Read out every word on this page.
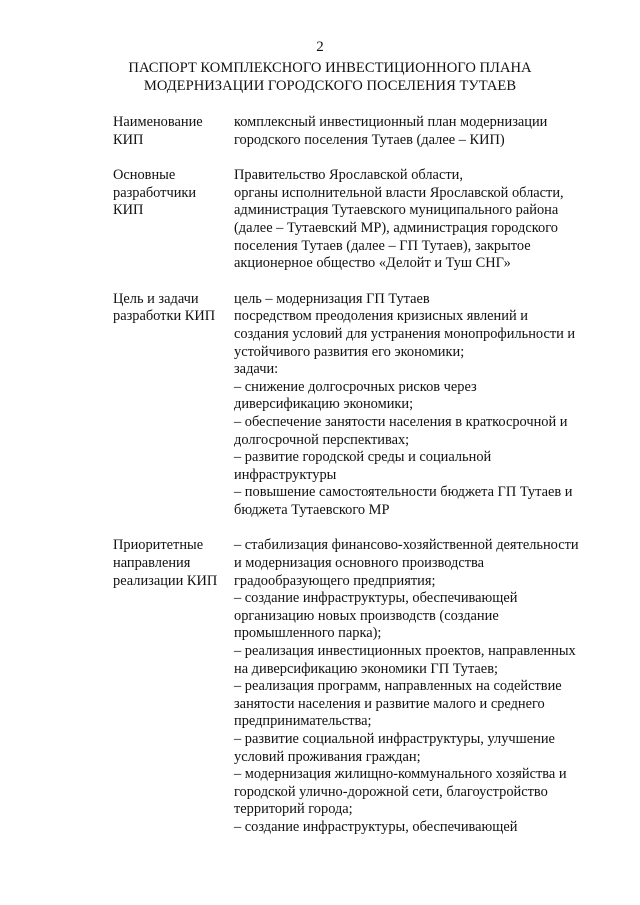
2
ПАСПОРТ КОМПЛЕКСНОГО ИНВЕСТИЦИОННОГО ПЛАНА
МОДЕРНИЗАЦИИ ГОРОДСКОГО ПОСЕЛЕНИЯ ТУТАЕВ
Наименование
КИП
комплексный инвестиционный план модернизации
городского поселения Тутаев (далее – КИП)
Основные
разработчики
КИП
Правительство Ярославской области,
органы исполнительной власти Ярославской области,
администрация Тутаевского муниципального района
(далее – Тутаевский МР), администрация городского
поселения Тутаев (далее – ГП Тутаев), закрытое
акционерное общество «Делойт и Туш СНГ»
Цель и задачи
разработки КИП
цель – модернизация ГП Тутаев
посредством преодоления кризисных явлений и
создания условий для устранения монопрофильности и
устойчивого развития его экономики;
задачи:
– снижение долгосрочных рисков через
диверсификацию экономики;
– обеспечение занятости населения в краткосрочной и
долгосрочной перспективах;
– развитие городской среды и социальной
инфраструктуры
– повышение самостоятельности бюджета ГП Тутаев и
бюджета Тутаевского МР
Приоритетные
направления
реализации КИП
– стабилизация финансово-хозяйственной деятельности
и модернизация основного производства
градообразующего предприятия;
– создание инфраструктуры, обеспечивающей
организацию новых производств (создание
промышленного парка);
– реализация инвестиционных проектов, направленных
на диверсификацию экономики ГП Тутаев;
– реализация программ, направленных на содействие
занятости населения и развитие малого и среднего
предпринимательства;
– развитие социальной инфраструктуры, улучшение
условий проживания граждан;
– модернизация жилищно-коммунального хозяйства и
городской улично-дорожной сети, благоустройство
территорий города;
– создание инфраструктуры, обеспечивающей
